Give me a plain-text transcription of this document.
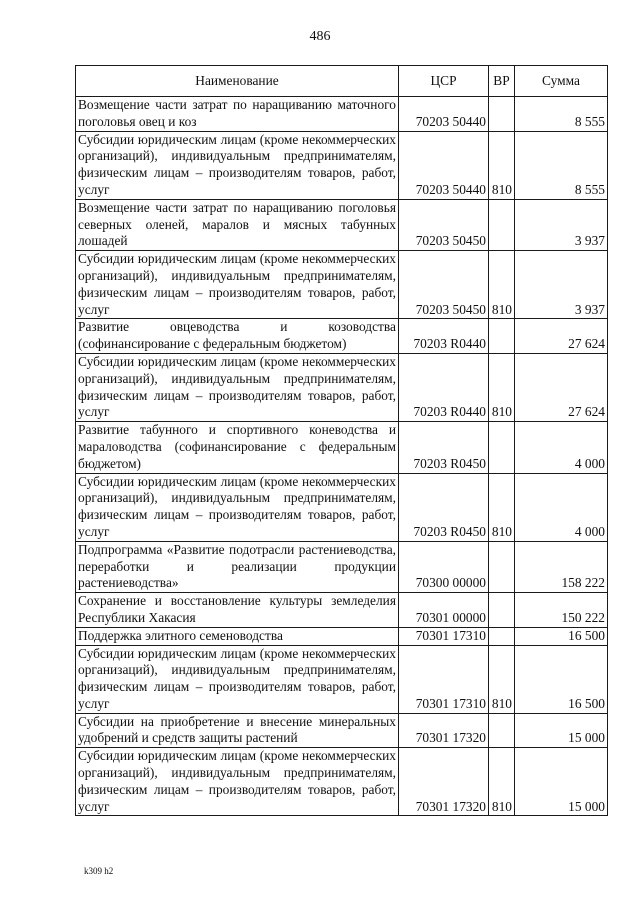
486
Наименование	ЦСР	ВР	Сумма
Возмещение части затрат по наращиванию маточного поголовья овец и коз	70203 50440		8 555
Субсидии юридическим лицам (кроме некоммерческих организаций), индивидуальным предпринимателям, физическим лицам – производителям товаров, работ, услуг	70203 50440	810	8 555
Возмещение части затрат по наращиванию поголовья северных оленей, маралов и мясных табунных лошадей	70203 50450		3 937
Субсидии юридическим лицам (кроме некоммерческих организаций), индивидуальным предпринимателям, физическим лицам – производителям товаров, работ, услуг	70203 50450	810	3 937
Развитие овцеводства и козоводства (софинансирование с федеральным бюджетом)	70203 R0440		27 624
Субсидии юридическим лицам (кроме некоммерческих организаций), индивидуальным предпринимателям, физическим лицам – производителям товаров, работ, услуг	70203 R0440	810	27 624
Развитие табунного и спортивного коневодства и мараловодства (софинансирование с федеральным бюджетом)	70203 R0450		4 000
Субсидии юридическим лицам (кроме некоммерческих организаций), индивидуальным предпринимателям, физическим лицам – производителям товаров, работ, услуг	70203 R0450	810	4 000
Подпрограмма «Развитие подотрасли растениеводства, переработки и реализации продукции растениеводства»	70300 00000		158 222
Сохранение и восстановление культуры земледелия Республики Хакасия	70301 00000		150 222
Поддержка элитного семеноводства	70301 17310		16 500
Субсидии юридическим лицам (кроме некоммерческих организаций), индивидуальным предпринимателям, физическим лицам – производителям товаров, работ, услуг	70301 17310	810	16 500
Субсидии на приобретение и внесение минеральных удобрений и средств защиты растений	70301 17320		15 000
Субсидии юридическим лицам (кроме некоммерческих организаций), индивидуальным предпринимателям, физическим лицам – производителям товаров, работ, услуг	70301 17320	810	15 000
k309 h2
